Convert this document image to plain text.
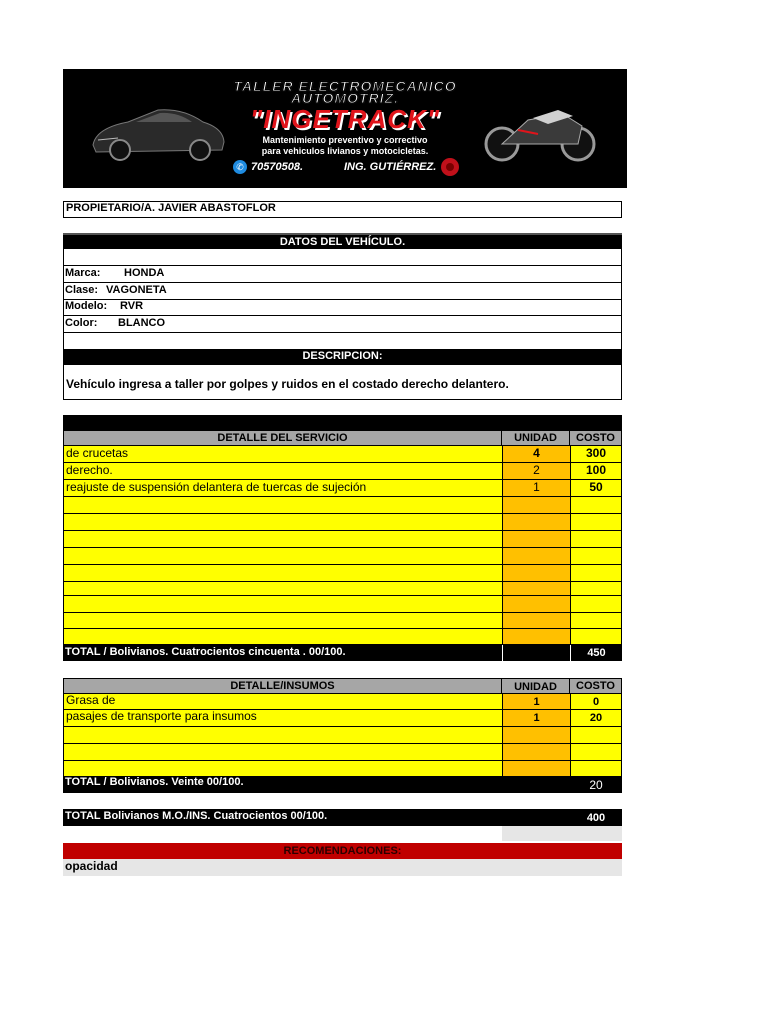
TALLER ELECTROMECANICO
AUTOMOTRIZ.
"INGETRACK"
Mantenimiento preventivo y correctivo
para vehiculos livianos y motocicletas.
✆ 70570508.	ING. GUTIÉRREZ.
PROPIETARIO/A. JAVIER ABASTOFLOR
DATOS DEL VEHÍCULO.
Marca:	HONDA
Clase: VAGONETA
Modelo:	RVR
Color:	BLANCO
DESCRIPCION:
Vehículo ingresa a taller por golpes y ruidos en el costado derecho delantero.
DETALLE DEL SERVICIO	UNIDAD	COSTO
de crucetas	4	300
derecho.	2	100
reajuste de suspensión delantera de tuercas de sujeción	1	50
TOTAL / Bolivianos. Cuatrocientos cincuenta . 00/100.	450
DETALLE/INSUMOS	UNIDAD	COSTO
Grasa de	1	0
pasajes de transporte para insumos	1	20
TOTAL / Bolivianos. Veinte 00/100.	20
TOTAL Bolivianos M.O./INS. Cuatrocientos 00/100.	400
RECOMENDACIONES:
opacidad
